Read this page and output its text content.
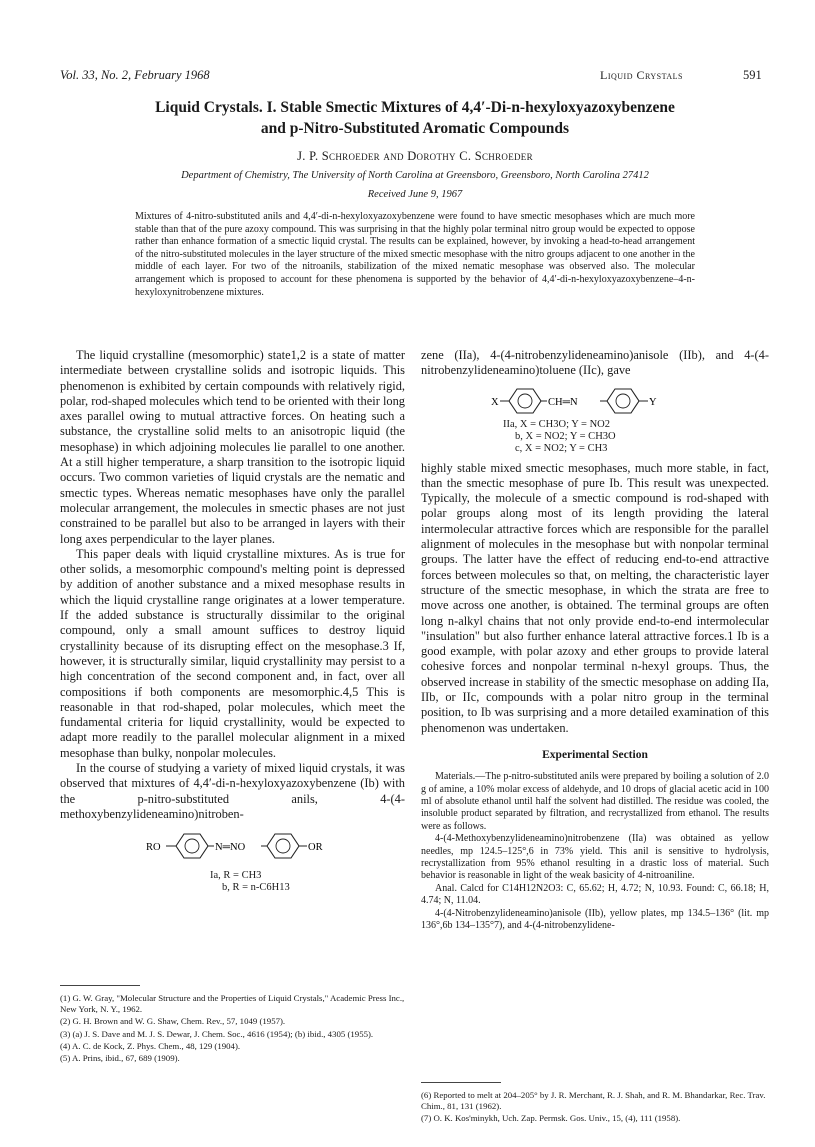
Vol. 33, No. 2, February 1968	Liquid Crystals	591
Liquid Crystals. I. Stable Smectic Mixtures of 4,4′-Di-n-hexyloxyazoxybenzene
and p-Nitro-Substituted Aromatic Compounds
J. P. Schroeder and Dorothy C. Schroeder
Department of Chemistry, The University of North Carolina at Greensboro, Greensboro, North Carolina 27412
Received June 9, 1967
Mixtures of 4-nitro-substituted anils and 4,4′-di-n-hexyloxyazoxybenzene were found to have smectic mesophases which are much more stable than that of the pure azoxy compound. This was surprising in that the highly polar terminal nitro group would be expected to oppose rather than enhance formation of a smectic liquid crystal. The results can be explained, however, by invoking a head-to-head arrangement of the nitro-substituted molecules in the layer structure of the mixed smectic mesophase with the nitro groups adjacent to one another in the middle of each layer. For two of the nitroanils, stabilization of the mixed nematic mesophase was observed also. The molecular arrangement which is proposed to account for these phenomena is supported by the behavior of 4,4′-di-n-hexyloxyazoxybenzene–4-n-hexyloxynitrobenzene mixtures.

The liquid crystalline (mesomorphic) state1,2 is a state of matter intermediate between crystalline solids and isotropic liquids. This phenomenon is exhibited by certain compounds with relatively rigid, polar, rod-shaped molecules which tend to be oriented with their long axes parallel owing to mutual attractive forces. On heating such a substance, the crystalline solid melts to an anisotropic liquid (the mesophase) in which adjoining molecules lie parallel to one another. At a still higher temperature, a sharp transition to the isotropic liquid occurs. Two common varieties of liquid crystals are the nematic and smectic types. Whereas nematic mesophases have only the parallel molecular arrangement, the molecules in smectic phases are not just constrained to be parallel but also to be arranged in layers with their long axes perpendicular to the layer planes.

This paper deals with liquid crystalline mixtures. As is true for other solids, a mesomorphic compound's melting point is depressed by addition of another substance and a mixed mesophase results in which the liquid crystalline range originates at a lower temperature. If the added substance is structurally dissimilar to the original compound, only a small amount suffices to destroy liquid crystallinity because of its disrupting effect on the mesophase.3 If, however, it is structurally similar, liquid crystallinity may persist to a high concentration of the second component and, in fact, over all compositions if both components are mesomorphic.4,5 This is reasonable in that rod-shaped, polar molecules, which meet the fundamental criteria for liquid crystallinity, would be expected to adapt more readily to the parallel molecular alignment in a mixed mesophase than bulky, nonpolar molecules.

In the course of studying a variety of mixed liquid crystals, it was observed that mixtures of 4,4′-di-n-hexyloxyazoxybenzene (Ib) with the p-nitro-substituted anils, 4-(4-methoxybenzylideneamino)nitroben-

RO	N═NO	OR
Ia, R = CH3
b, R = n-C6H13
(1) G. W. Gray, "Molecular Structure and the Properties of Liquid Crystals," Academic Press Inc., New York, N. Y., 1962.
(2) G. H. Brown and W. G. Shaw, Chem. Rev., 57, 1049 (1957).
(3) (a) J. S. Dave and M. J. S. Dewar, J. Chem. Soc., 4616 (1954); (b) ibid., 4305 (1955).
(4) A. C. de Kock, Z. Phys. Chem., 48, 129 (1904).
(5) A. Prins, ibid., 67, 689 (1909).

zene (IIa), 4-(4-nitrobenzylideneamino)anisole (IIb), and 4-(4-nitrobenzylideneamino)toluene (IIc), gave

X	CH═N	Y
IIa, X = CH3O; Y = NO2
b, X = NO2; Y = CH3O
c, X = NO2; Y = CH3

highly stable mixed smectic mesophases, much more stable, in fact, than the smectic mesophase of pure Ib. This result was unexpected. Typically, the molecule of a smectic compound is rod-shaped with polar groups along most of its length providing the lateral intermolecular attractive forces which are responsible for the parallel alignment of molecules in the mesophase but with nonpolar terminal groups. The latter have the effect of reducing end-to-end attractive forces between molecules so that, on melting, the characteristic layer structure of the smectic mesophase, in which the strata are free to move across one another, is obtained. The terminal groups are often long n-alkyl chains that not only provide end-to-end intermolecular "insulation" but also further enhance lateral attractive forces.1 Ib is a good example, with polar azoxy and ether groups to provide lateral cohesive forces and nonpolar terminal n-hexyl groups. Thus, the observed increase in stability of the smectic mesophase on adding IIa, IIb, or IIc, compounds with a polar nitro group in the terminal position, to Ib was surprising and a more detailed examination of this phenomenon was undertaken.

Experimental Section

Materials.—The p-nitro-substituted anils were prepared by boiling a solution of 2.0 g of amine, a 10% molar excess of aldehyde, and 10 drops of glacial acetic acid in 100 ml of absolute ethanol until half the solvent had distilled. The residue was cooled, the insoluble product separated by filtration, and recrystallized from ethanol. The results were as follows.

4-(4-Methoxybenzylideneamino)nitrobenzene (IIa) was obtained as yellow needles, mp 124.5–125°,6 in 73% yield. This anil is sensitive to hydrolysis, recrystallization from 95% ethanol resulting in a drastic loss of material. Such behavior is reasonable in light of the weak basicity of 4-nitroaniline.

Anal. Calcd for C14H12N2O3: C, 65.62; H, 4.72; N, 10.93. Found: C, 66.18; H, 4.74; N, 11.04.

4-(4-Nitrobenzylideneamino)anisole (IIb), yellow plates, mp 134.5–136° (lit. mp 136°,6b 134–135°7), and 4-(4-nitrobenzylidene-

(6) Reported to melt at 204–205° by J. R. Merchant, R. J. Shah, and R. M. Bhandarkar, Rec. Trav. Chim., 81, 131 (1962).
(7) O. K. Kos'minykh, Uch. Zap. Permsk. Gos. Univ., 15, (4), 111 (1958).
